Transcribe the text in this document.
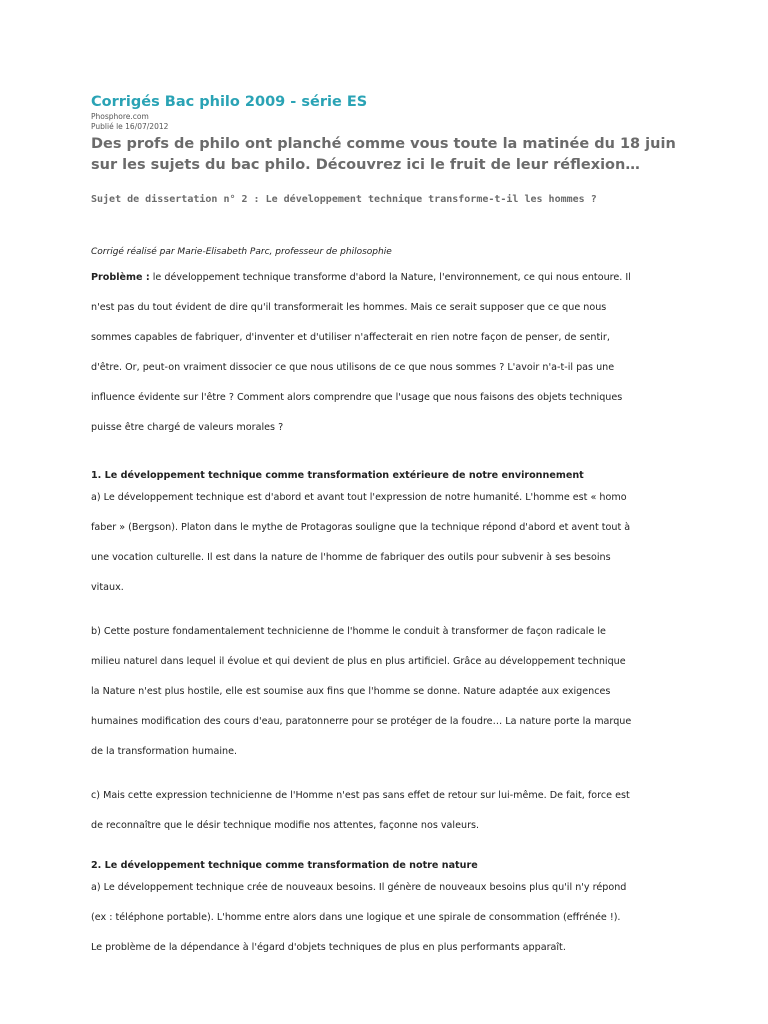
Corrigés Bac philo 2009 - série ES
Phosphore.com
Publié le 16/07/2012
Des profs de philo ont planché comme vous toute la matinée du 18 juin
sur les sujets du bac philo. Découvrez ici le fruit de leur réflexion…
Sujet de dissertation n° 2 : Le développement technique transforme-t-il les hommes ?
Corrigé réalisé par Marie-Elisabeth Parc, professeur de philosophie
Problème : le développement technique transforme d'abord la Nature, l'environnement, ce qui nous entoure. Il
n'est pas du tout évident de dire qu'il transformerait les hommes. Mais ce serait supposer que ce que nous
sommes capables de fabriquer, d'inventer et d'utiliser n'affecterait en rien notre façon de penser, de sentir,
d'être. Or, peut-on vraiment dissocier ce que nous utilisons de ce que nous sommes ? L'avoir n'a-t-il pas une
influence évidente sur l'être ? Comment alors comprendre que l'usage que nous faisons des objets techniques
puisse être chargé de valeurs morales ?
1. Le développement technique comme transformation extérieure de notre environnement
a) Le développement technique est d'abord et avant tout l'expression de notre humanité. L'homme est « homo
faber » (Bergson). Platon dans le mythe de Protagoras souligne que la technique répond d'abord et avent tout à
une vocation culturelle. Il est dans la nature de l'homme de fabriquer des outils pour subvenir à ses besoins
vitaux.
b) Cette posture fondamentalement technicienne de l'homme le conduit à transformer de façon radicale le
milieu naturel dans lequel il évolue et qui devient de plus en plus artificiel. Grâce au développement technique
la Nature n'est plus hostile, elle est soumise aux fins que l'homme se donne. Nature adaptée aux exigences
humaines modification des cours d'eau, paratonnerre pour se protéger de la foudre… La nature porte la marque
de la transformation humaine.
c) Mais cette expression technicienne de l'Homme n'est pas sans effet de retour sur lui-même. De fait, force est
de reconnaître que le désir technique modifie nos attentes, façonne nos valeurs.
2. Le développement technique comme transformation de notre nature
a) Le développement technique crée de nouveaux besoins. Il génère de nouveaux besoins plus qu'il n'y répond
(ex : téléphone portable). L'homme entre alors dans une logique et une spirale de consommation (effrénée !).
Le problème de la dépendance à l'égard d'objets techniques de plus en plus performants apparaît.
